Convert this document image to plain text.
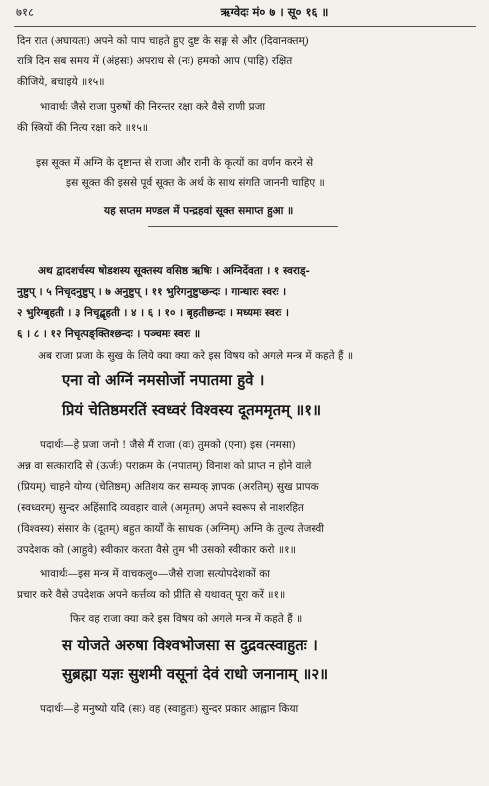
७१८	ऋग्वेदः मं० ७ । सू० १६ ॥
दिन रात (अघायतः) अपने को पाप चाहते हुए दुष्ट के सङ्ग से और (दिवानक्तम्)
रात्रि दिन सब समय में (अंहसः) अपराध से (नः) हमको आप (पाहि) रक्षित
कीजिये, बचाइये ॥१५॥
भावार्थः जैसे राजा पुरुषों की निरन्तर रक्षा करे वैसे राणी प्रजा
की स्त्रियों की नित्य रक्षा करे ॥१५॥
इस सूक्त में अग्नि के दृष्टान्त से राजा और रानी के कृत्यों का वर्णन करने से
इस सूक्त की इससे पूर्व सूक्त के अर्थ के साथ संगति जाननी चाहिए ॥
यह सप्तम मण्डल में पन्द्रहवां सूक्त समाप्त हुआ ॥
अथ द्वादशर्चस्य षोडशस्य सूक्तस्य वसिष्ठ ऋषिः । अग्निर्देवता । १ स्वराड्-
नुष्टुप् । ५ निचृदनुष्टुप् । ७ अनुष्टुप् । ११ भुरिगनुष्टुप्छन्दः । गान्धारः स्वरः ।
२ भुरिग्बृहती । ३ निचृद्बृहती । ४ । ६ । १० । बृहतीछन्दः । मध्यमः स्वरः ।
६ । ८ । १२ निचृत्पङ्क्तिश्छन्दः । पञ्चमः स्वरः ॥
अब राजा प्रजा के सुख के लिये क्या क्या करे इस विषय को अगले मन्त्र में कहते हैं ॥
एना वो अग्निं नमसोर्जो नपातमा हुवे ।
प्रियं चेतिष्ठमरतिं स्वध्वरं विश्वस्य दूतममृतम् ॥१॥
पदार्थः—हे प्रजा जनो ! जैसे मैं राजा (वः) तुमको (एना) इस (नमसा)
अन्न वा सत्कारादि से (ऊर्जः) पराक्रम के (नपातम्) विनाश को प्राप्त न होने वाले
(प्रियम्) चाहने योग्य (चेतिष्ठम्) अतिशय कर सम्यक् ज्ञापक (अरतिम्) सुख प्रापक
(स्वध्वरम्) सुन्दर अहिंसादि व्यवहार वाले (अमृतम्) अपने स्वरूप से नाशरहित
(विश्वस्य) संसार के (दूतम्) बहुत कार्यों के साधक (अग्निम्) अग्नि के तुल्य तेजस्वी
उपदेशक को (आहुवे) स्वीकार करता वैसे तुम भी उसको स्वीकार करो ॥१॥
भावार्थः—इस मन्त्र में वाचकलु०—जैसे राजा सत्योपदेशकों का
प्रचार करे वैसे उपदेशक अपने कर्त्तव्य को प्रीति से यथावत् पूरा करें ॥१॥
फिर वह राजा क्या करे इस विषय को अगले मन्त्र में कहते हैं ॥
स योजते अरुषा विश्वभोजसा स दुद्रवत्स्वाहुतः ।
सुब्रह्मा यज्ञः सुशमी वसूनां देवं राधो जनानाम् ॥२॥
पदार्थः—हे मनुष्यो यदि (सः) वह (स्वाहुतः) सुन्दर प्रकार आह्वान किया
